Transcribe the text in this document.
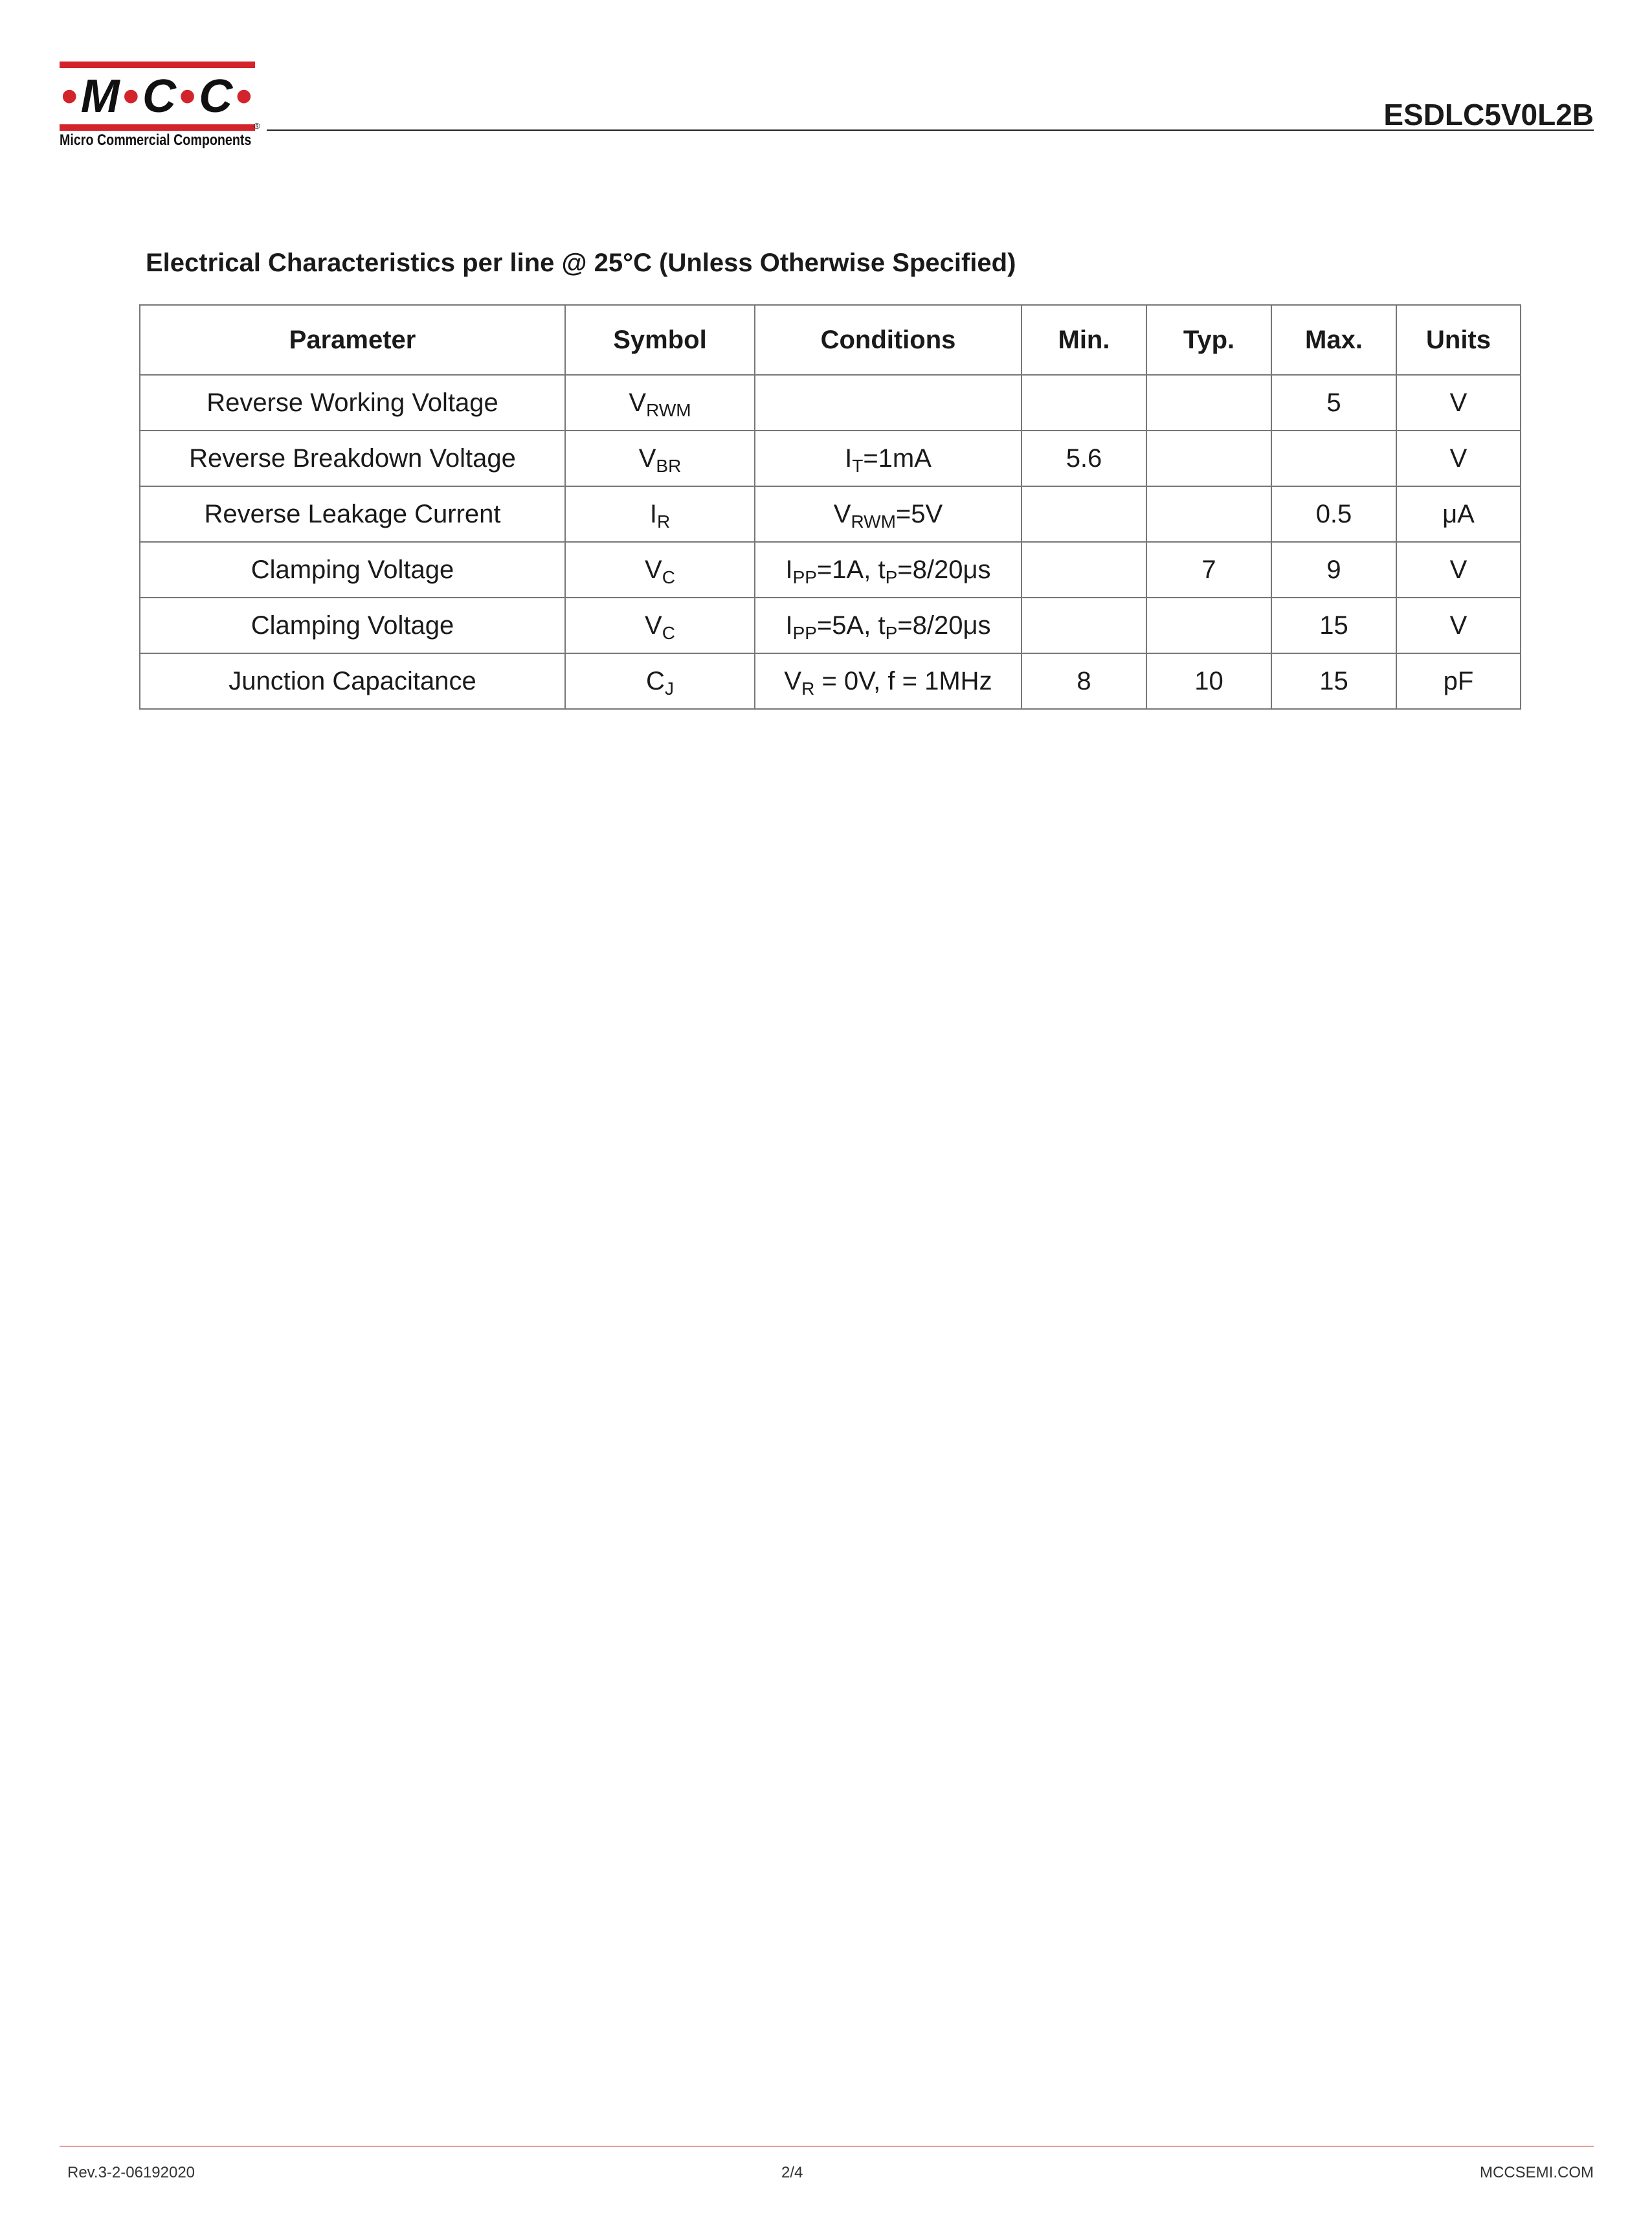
• M • C • C •
®
Micro Commercial Components
ESDLC5V0L2B
Electrical Characteristics per line @ 25°C (Unless Otherwise Specified)
Parameter	Symbol	Conditions	Min.	Typ.	Max.	Units
Reverse Working Voltage	$V_{RWM}$				5	V
Reverse Breakdown Voltage	$V_{BR}$	$I_T=1mA$	5.6			V
Reverse Leakage Current	$I_R$	$V_{RWM}=5V$			0.5	μA
Clamping Voltage	$V_C$	$I_{PP}=1A$, $t_P=8/20\mu s$		7	9	V
Clamping Voltage	$V_C$	$I_{PP}=5A$, $t_P=8/20\mu s$			15	V
Junction Capacitance	$C_J$	$V_R = 0V$, f = 1MHz	8	10	15	pF
Rev.3-2-06192020	2/4	MCCSEMI.COM
